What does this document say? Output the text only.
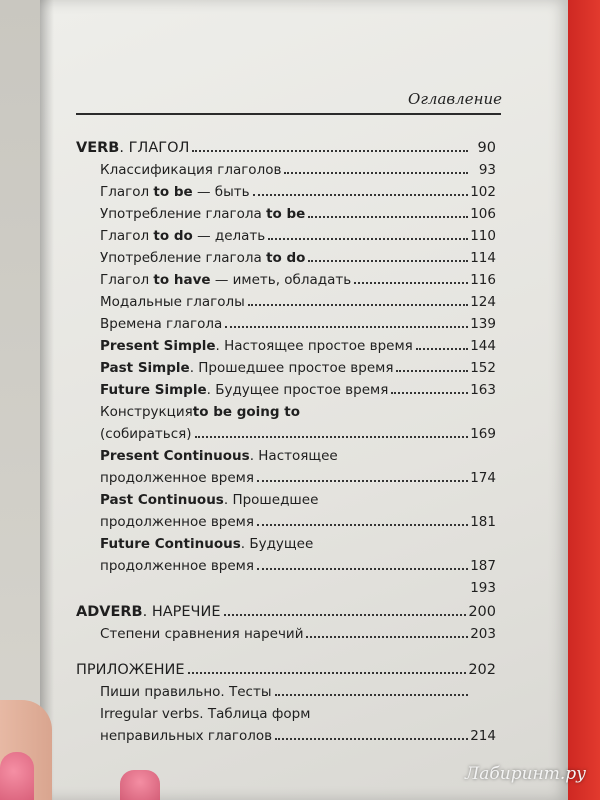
Оглавление
VERB. ГЛАГОЛ	90
Классификация глаголов	93
Глагол to be — быть	102
Употребление глагола to be	106
Глагол to do — делать	110
Употребление глагола to do	114
Глагол to have — иметь, обладать	116
Модальные глаголы	124
Времена глагола	139
Present Simple. Настоящее простое время	144
Past Simple. Прошедшее простое время	152
Future Simple. Будущее простое время	163
Конструкция to be going to
(собираться)	169
Present Continuous . Настоящее
продолженное время	174
Past Continuous . Прошедшее
продолженное время	181
Future Continuous . Будущее
продолженное время	187
193
ADVERB. НАРЕЧИЕ	200
Степени сравнения наречий	203
ПРИЛОЖЕНИЕ	202
Пиши правильно. Тесты
Irregular verbs. Таблица форм
неправильных глаголов	214
Лабиринт.ру
